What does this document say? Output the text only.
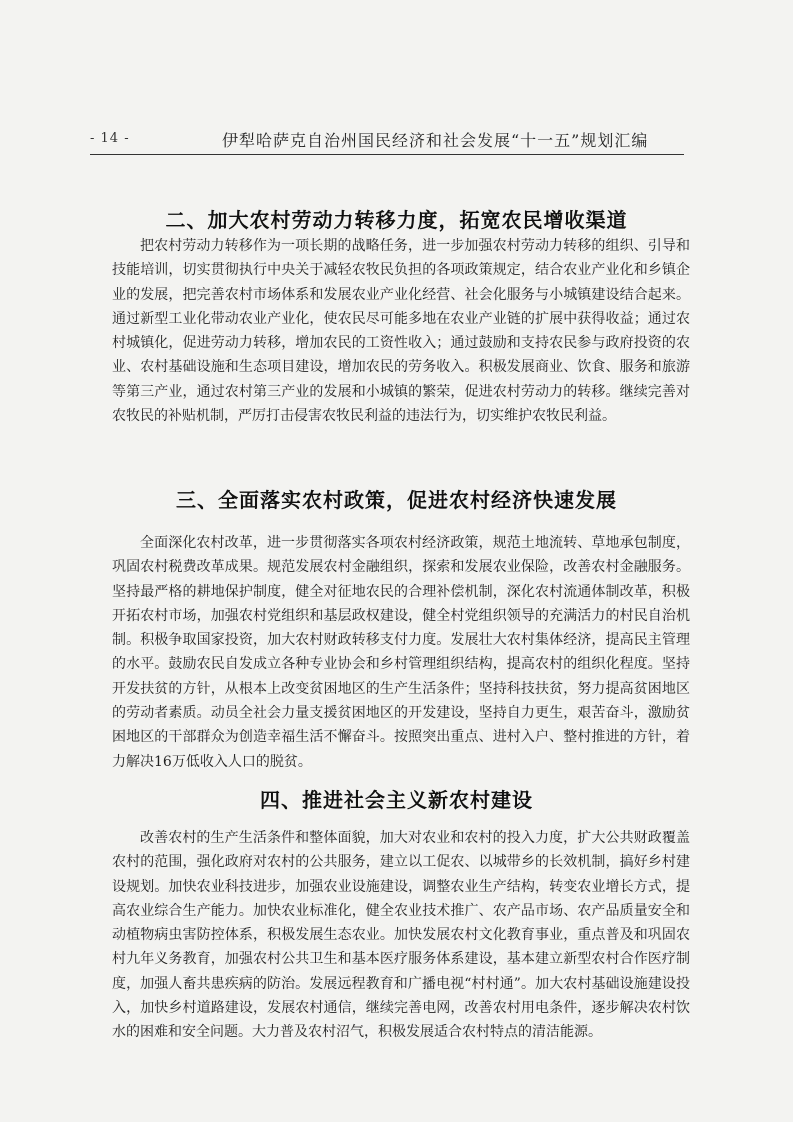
- 14 -	伊犁哈萨克自治州国民经济和社会发展“十一五”规划汇编
二、加大农村劳动力转移力度，拓宽农民增收渠道

把农村劳动力转移作为一项长期的战略任务，进一步加强农村劳动力转移的组织、引导和技能培训，切实贯彻执行中央关于减轻农牧民负担的各项政策规定，结合农业产业化和乡镇企业的发展，把完善农村市场体系和发展农业产业化经营、社会化服务与小城镇建设结合起来。通过新型工业化带动农业产业化，使农民尽可能多地在农业产业链的扩展中获得收益；通过农村城镇化，促进劳动力转移，增加农民的工资性收入；通过鼓励和支持农民参与政府投资的农业、农村基础设施和生态项目建设，增加农民的劳务收入。积极发展商业、饮食、服务和旅游等第三产业，通过农村第三产业的发展和小城镇的繁荣，促进农村劳动力的转移。继续完善对农牧民的补贴机制，严厉打击侵害农牧民利益的违法行为，切实维护农牧民利益。

三、全面落实农村政策，促进农村经济快速发展

全面深化农村改革，进一步贯彻落实各项农村经济政策，规范土地流转、草地承包制度，巩固农村税费改革成果。规范发展农村金融组织，探索和发展农业保险，改善农村金融服务。坚持最严格的耕地保护制度，健全对征地农民的合理补偿机制，深化农村流通体制改革，积极开拓农村市场，加强农村党组织和基层政权建设，健全村党组织领导的充满活力的村民自治机制。积极争取国家投资，加大农村财政转移支付力度。发展壮大农村集体经济，提高民主管理的水平。鼓励农民自发成立各种专业协会和乡村管理组织结构，提高农村的组织化程度。坚持开发扶贫的方针，从根本上改变贫困地区的生产生活条件；坚持科技扶贫，努力提高贫困地区的劳动者素质。动员全社会力量支援贫困地区的开发建设，坚持自力更生，艰苦奋斗，激励贫困地区的干部群众为创造幸福生活不懈奋斗。按照突出重点、进村入户、整村推进的方针，着力解决16万低收入人口的脱贫。

四、推进社会主义新农村建设

改善农村的生产生活条件和整体面貌，加大对农业和农村的投入力度，扩大公共财政覆盖农村的范围，强化政府对农村的公共服务，建立以工促农、以城带乡的长效机制，搞好乡村建设规划。加快农业科技进步，加强农业设施建设，调整农业生产结构，转变农业增长方式，提高农业综合生产能力。加快农业标准化，健全农业技术推广、农产品市场、农产品质量安全和动植物病虫害防控体系，积极发展生态农业。加快发展农村文化教育事业，重点普及和巩固农村九年义务教育，加强农村公共卫生和基本医疗服务体系建设，基本建立新型农村合作医疗制度，加强人畜共患疾病的防治。发展远程教育和广播电视“村村通”。加大农村基础设施建设投入，加快乡村道路建设，发展农村通信，继续完善电网，改善农村用电条件，逐步解决农村饮水的困难和安全问题。大力普及农村沼气，积极发展适合农村特点的清洁能源。
